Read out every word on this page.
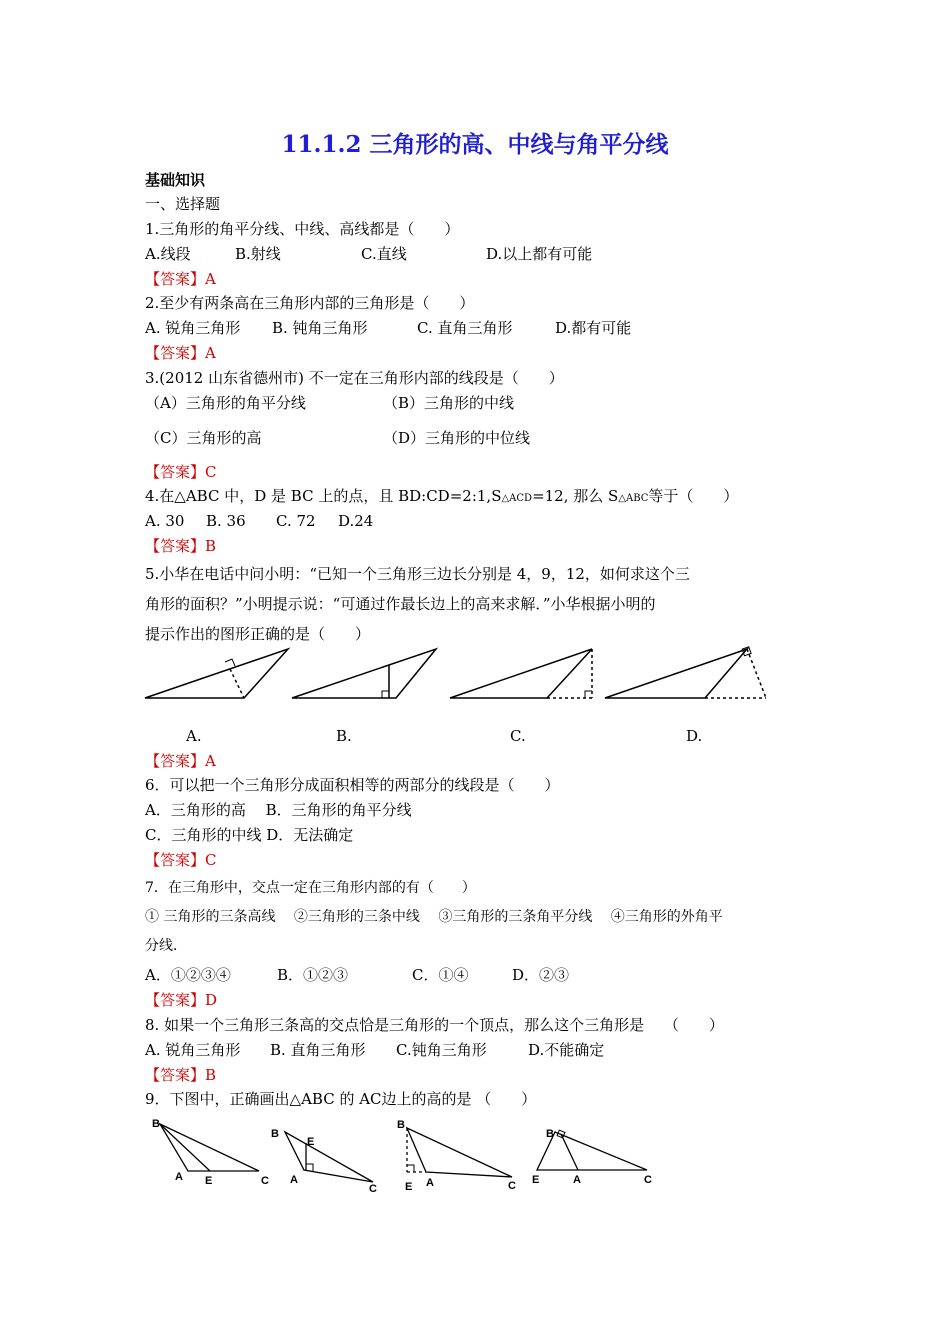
11.1.2 三角形的高、中线与角平分线
基础知识
一、选择题
1.三角形的角平分线、中线、高线都是（　　）
A.线段	B.射线	C.直线	D.以上都有可能
【答案】A
2.至少有两条高在三角形内部的三角形是（　　）
A. 锐角三角形 B. 钝角三角形	C. 直角三角形	D.都有可能
【答案】A
3.(2012 山东省德州市) 不一定在三角形内部的线段是（　　）
（A）三角形的角平分线	（B）三角形的中线
（C）三角形的高	（D）三角形的中位线
【答案】C
4.在△ABC 中，D 是 BC 上的点，且 BD:CD=2:1,S△ACD=12, 那么 S△ABC等于（　　）
A. 30 B. 36 C. 72 D.24
【答案】B
5.小华在电话中问小明：“已知一个三角形三边长分别是 4，9，12，如何求这个三
角形的面积？”小明提示说：“可通过作最长边上的高来求解．”小华根据小明的
提示作出的图形正确的是（　　）
A.	B.	C.	D.
【答案】A
6．可以把一个三角形分成面积相等的两部分的线段是（　　）
A．三角形的高　 B．三角形的角平分线
C．三角形的中线 D．无法确定
【答案】C
7．在三角形中，交点一定在三角形内部的有（　　）
① 三角形的三条高线　 ②三角形的三条中线　 ③三角形的三条角平分线　 ④三角形的外角平
分线．
A．①②③④	B．①②③	C．①④	D．②③
【答案】D
8. 如果一个三角形三条高的交点恰是三角形的一个顶点，那么这个三角形是　 （　　）
A. 锐角三角形 B. 直角三角形 C.钝角三角形	D.不能确定
【答案】B
9．下图中，正确画出△ABC 的 AC边上的高的是 （　　）
B
A E	C
B
E
A
C
B
E A	C
B
E	A	C
